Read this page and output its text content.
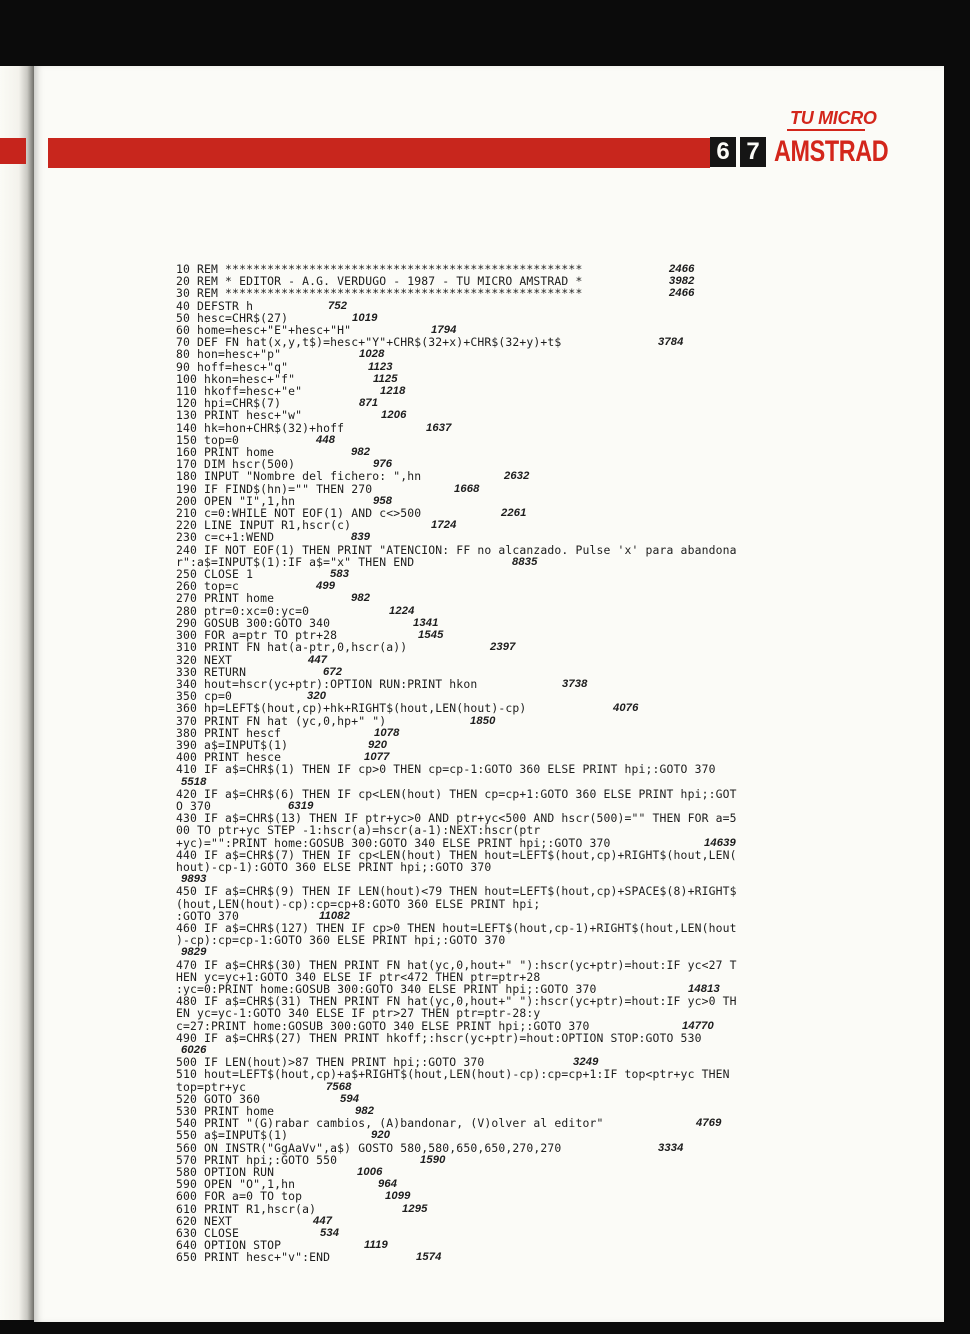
TU MICRO
6 7 AMSTRAD
10 REM ***************************************************	2466
20 REM * EDITOR - A.G. VERDUGO - 1987 - TU MICRO AMSTRAD *	3982
30 REM ***************************************************	2466
40 DEFSTR h	752
50 hesc=CHR$(27)	1019
60 home=hesc+"E"+hesc+"H"	1794
70 DEF FN hat(x,y,t$)=hesc+"Y"+CHR$(32+x)+CHR$(32+y)+t$	3784
80 hon=hesc+"p"	1028
90 hoff=hesc+"q"	1123
100 hkon=hesc+"f"	1125
110 hkoff=hesc+"e"	1218
120 hpi=CHR$(7)	871
130 PRINT hesc+"w"	1206
140 hk=hon+CHR$(32)+hoff	1637
150 top=0	448
160 PRINT home	982
170 DIM hscr(500)	976
180 INPUT "Nombre del fichero: ",hn	2632
190 IF FIND$(hn)="" THEN 270	1668
200 OPEN "I",1,hn	958
210 c=0:WHILE NOT EOF(1) AND c<>500	2261
220 LINE INPUT R1,hscr(c)	1724
230 c=c+1:WEND	839
240 IF NOT EOF(1) THEN PRINT "ATENCION: FF no alcanzado. Pulse 'x' para abandona
r":a$=INPUT$(1):IF a$="x" THEN END	8835
250 CLOSE 1	583
260 top=c	499
270 PRINT home	982
280 ptr=0:xc=0:yc=0	1224
290 GOSUB 300:GOTO 340	1341
300 FOR a=ptr TO ptr+28	1545
310 PRINT FN hat(a-ptr,0,hscr(a))	2397
320 NEXT	447
330 RETURN	672
340 hout=hscr(yc+ptr):OPTION RUN:PRINT hkon	3738
350 cp=0	320
360 hp=LEFT$(hout,cp)+hk+RIGHT$(hout,LEN(hout)-cp)	4076
370 PRINT FN hat (yc,0,hp+" ")	1850
380 PRINT hescf	1078
390 a$=INPUT$(1)	920
400 PRINT hesce	1077
410 IF a$=CHR$(1) THEN IF cp>0 THEN cp=cp-1:GOTO 360 ELSE PRINT hpi;:GOTO 370
5518
420 IF a$=CHR$(6) THEN IF cp<LEN(hout) THEN cp=cp+1:GOTO 360 ELSE PRINT hpi;:GOT
O 370	6319
430 IF a$=CHR$(13) THEN IF ptr+yc>0 AND ptr+yc<500 AND hscr(500)="" THEN FOR a=5
00 TO ptr+yc STEP -1:hscr(a)=hscr(a-1):NEXT:hscr(ptr
+yc)="":PRINT home:GOSUB 300:GOTO 340 ELSE PRINT hpi;:GOTO 370	14639
440 IF a$=CHR$(7) THEN IF cp<LEN(hout) THEN hout=LEFT$(hout,cp)+RIGHT$(hout,LEN(
hout)-cp-1):GOTO 360 ELSE PRINT hpi;:GOTO 370
9893
450 IF a$=CHR$(9) THEN IF LEN(hout)<79 THEN hout=LEFT$(hout,cp)+SPACE$(8)+RIGHT$
(hout,LEN(hout)-cp):cp=cp+8:GOTO 360 ELSE PRINT hpi;
:GOTO 370	11082
460 IF a$=CHR$(127) THEN IF cp>0 THEN hout=LEFT$(hout,cp-1)+RIGHT$(hout,LEN(hout
)-cp):cp=cp-1:GOTO 360 ELSE PRINT hpi;:GOTO 370
9829
470 IF a$=CHR$(30) THEN PRINT FN hat(yc,0,hout+" "):hscr(yc+ptr)=hout:IF yc<27 T
HEN yc=yc+1:GOTO 340 ELSE IF ptr<472 THEN ptr=ptr+28
:yc=0:PRINT home:GOSUB 300:GOTO 340 ELSE PRINT hpi;:GOTO 370	14813
480 IF a$=CHR$(31) THEN PRINT FN hat(yc,0,hout+" "):hscr(yc+ptr)=hout:IF yc>0 TH
EN yc=yc-1:GOTO 340 ELSE IF ptr>27 THEN ptr=ptr-28:y
c=27:PRINT home:GOSUB 300:GOTO 340 ELSE PRINT hpi;:GOTO 370	14770
490 IF a$=CHR$(27) THEN PRINT hkoff;:hscr(yc+ptr)=hout:OPTION STOP:GOTO 530
6026
500 IF LEN(hout)>87 THEN PRINT hpi;:GOTO 370	3249
510 hout=LEFT$(hout,cp)+a$+RIGHT$(hout,LEN(hout)-cp):cp=cp+1:IF top<ptr+yc THEN
top=ptr+yc	7568
520 GOTO 360	594
530 PRINT home	982
540 PRINT "(G)rabar cambios, (A)bandonar, (V)olver al editor"	4769
550 a$=INPUT$(1)	920
560 ON INSTR("GgAaVv",a$) GOSTO 580,580,650,650,270,270	3334
570 PRINT hpi;:GOTO 550	1590
580 OPTION RUN	1006
590 OPEN "O",1,hn	964
600 FOR a=0 TO top	1099
610 PRINT R1,hscr(a)	1295
620 NEXT	447
630 CLOSE	534
640 OPTION STOP	1119
650 PRINT hesc+"v":END	1574
